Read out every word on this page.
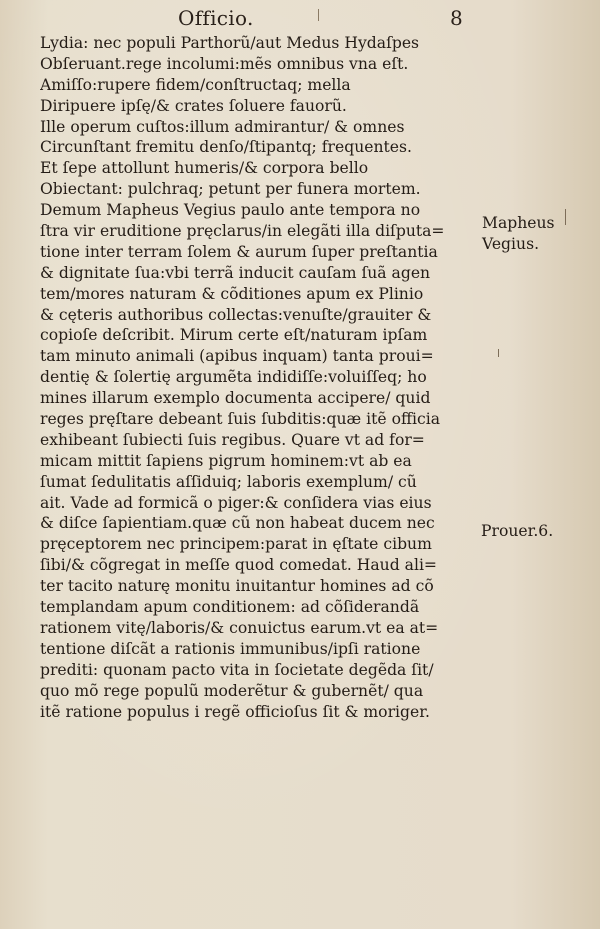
Officio.	8
Lydia: nec populi Parthorũ/aut Medus Hydaſpes
Obſeruant.rege incolumi:mẽs omnibus vna eſt.
Amiſſo:rupere fidem/conſtructaq; mella
Diripuere ipſę/& crates ſoluere fauorũ.
Ille operum cuſtos:illum admirantur/ & omnes
Circunſtant fremitu denſo/ſtipantq; frequentes.
Et ſepe attollunt humeris/& corpora bello
Obiectant: pulchraq; petunt per funera mortem.
Demum Mapheus Vegius paulo ante tempora no
ſtra vir eruditione pręclarus/in elegãti illa diſputa=
tione inter terram ſolem & aurum ſuper preſtantia
& dignitate ſua:vbi terrã inducit cauſam ſuã agen
tem/mores naturam & cõditiones apum ex Plinio
& cęteris authoribus collectas:venuſte/grauiter &
copioſe deſcribit. Mirum certe eſt/naturam ipſam
tam minuto animali (apibus inquam) tanta proui=
dentię & ſolertię argumẽta indidiſſe:voluiſſeq; ho
mines illarum exemplo documenta accipere/ quid
reges pręſtare debeant ſuis ſubditis:quæ itẽ officia
exhibeant ſubiecti ſuis regibus. Quare vt ad for=
micam mittit ſapiens pigrum hominem:vt ab ea
ſumat ſedulitatis aſſiduiq; laboris exemplum/ cũ
ait. Vade ad formicã o piger:& conſidera vias eius
& diſce ſapientiam.quæ cũ non habeat ducem nec
pręceptorem nec principem:parat in ęſtate cibum
ſibi/& cõgregat in meſſe quod comedat. Haud ali=
ter tacito naturę monitu inuitantur homines ad cõ
templandam apum conditionem: ad cõſiderandã
rationem vitę/laboris/& conuictus earum.vt ea at=
tentione diſcãt a rationis immunibus/ipſi ratione
prediti: quonam pacto vita in ſocietate degẽda ſit/
quo mõ rege populũ moderẽtur & gubernẽt/ qua
itẽ ratione populus i regẽ officioſus ſit & moriger.
Mapheus
Vegius.
Prouer.6.
